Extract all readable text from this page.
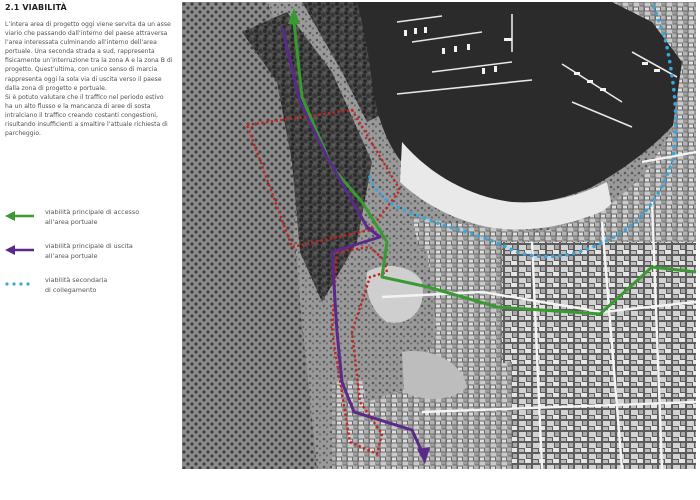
2.1 VIABILITÀ

L’intera area di progetto oggi viene servita da un asse viario che passando dall’interno del paese attraversa l’area interessata culminando all’interno dell’area portuale. Una seconda strada a sud, rappresenta fisicamente un’interruzione tra la zona A e la zona B di progetto. Quest’ultima, con unico senso di marcia rappresenta oggi la sola via di uscita verso il paese dalla zona di progetto e portuale.

Si è potuto valutare che il traffico nel periodo estivo ha un alto flusso e la mancanza di aree di sosta intralciano il traffico creando costanti congestioni, risultando insufficienti a smaltire l’attuale richiesta di parcheggio.

viabilità principale di accesso
all’area portuale
viabilità principale di uscita
all’area portuale
viabilità secondaria
di collegamento
